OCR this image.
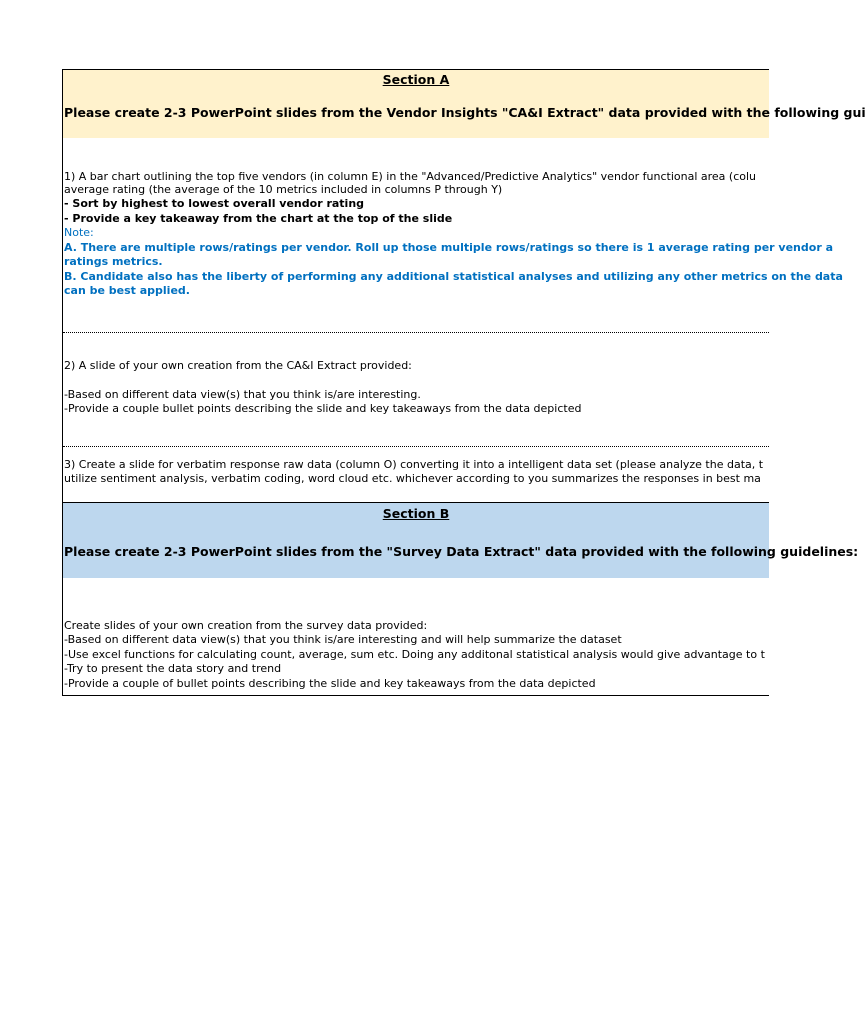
Section A
Please create 2-3 PowerPoint slides from the Vendor Insights "CA&I Extract" data provided with the following gui
1) A bar chart outlining the top five vendors (in column E) in the "Advanced/Predictive Analytics" vendor functional area (colu
average rating (the average of the 10 metrics included in columns P through Y)
- Sort by highest to lowest overall vendor rating
- Provide a key takeaway from the chart at the top of the slide
Note:
A. There are multiple rows/ratings per vendor. Roll up those multiple rows/ratings so there is 1 average rating per vendor a
ratings metrics.
B. Candidate also has the liberty of performing any additional statistical analyses and utilizing any other metrics on the data
can be best applied.
2) A slide of your own creation from the CA&I Extract provided:
-Based on different data view(s) that you think is/are interesting.
-Provide a couple bullet points describing the slide and key takeaways from the data depicted
3) Create a slide for verbatim response raw data (column O) converting it into a intelligent data set (please analyze the data, t
utilize sentiment analysis, verbatim coding, word cloud etc. whichever according to you summarizes the responses in best ma
Section B
Please create 2-3 PowerPoint slides from the "Survey Data Extract" data provided with the following guidelines:
Create slides of your own creation from the survey data provided:
-Based on different data view(s) that you think is/are interesting and will help summarize the dataset
-Use excel functions for calculating count, average, sum etc. Doing any additonal statistical analysis would give advantage to t
-Try to present the data story and trend
-Provide a couple of bullet points describing the slide and key takeaways from the data depicted
